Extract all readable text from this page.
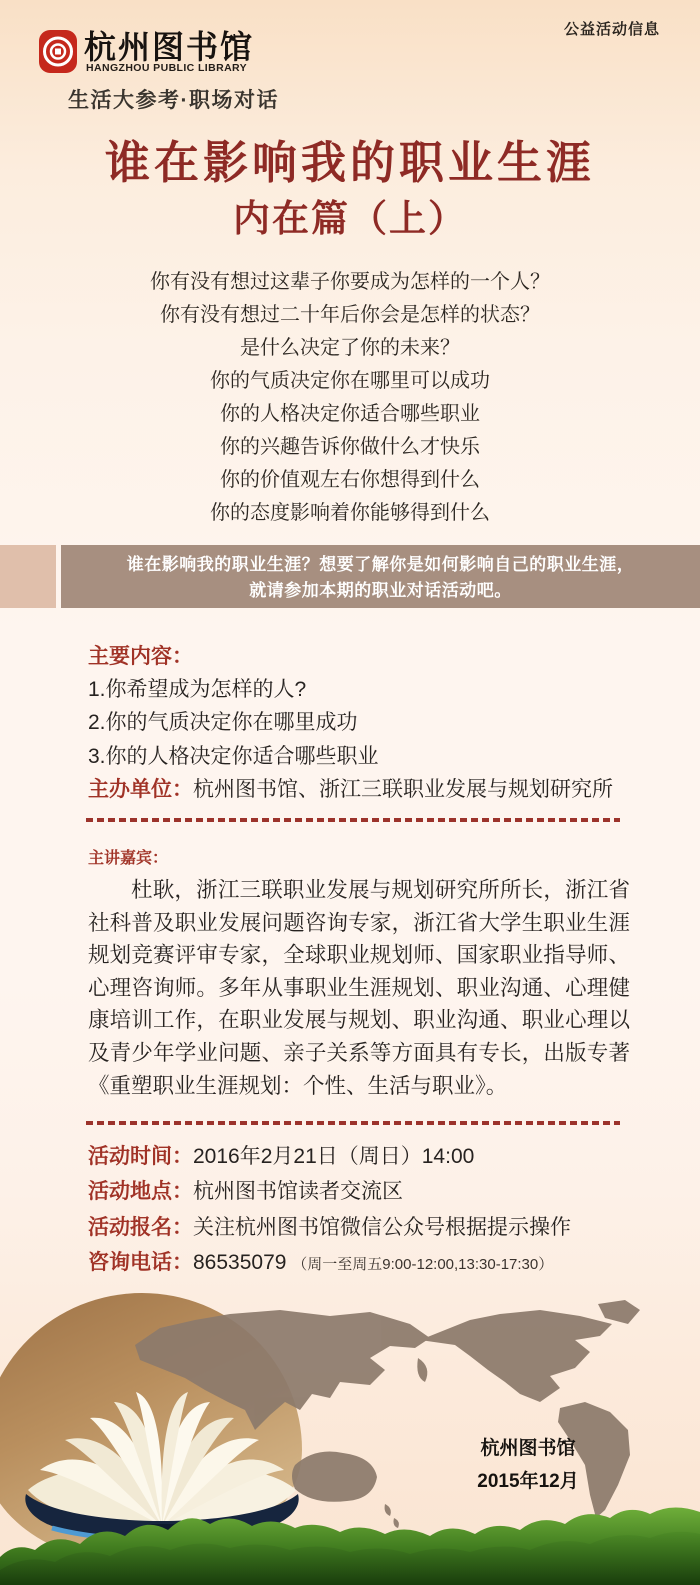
公益活动信息
杭州图书馆
HANGZHOU PUBLIC LIBRARY
生活大参考·职场对话
谁在影响我的职业生涯
内在篇（上）
你有没有想过这辈子你要成为怎样的一个人？
你有没有想过二十年后你会是怎样的状态？
是什么决定了你的未来？
你的气质决定你在哪里可以成功
你的人格决定你适合哪些职业
你的兴趣告诉你做什么才快乐
你的价值观左右你想得到什么
你的态度影响着你能够得到什么
谁在影响我的职业生涯？想要了解你是如何影响自己的职业生涯，
就请参加本期的职业对话活动吧。
主要内容：
1.你希望成为怎样的人?
2.你的气质决定你在哪里成功
3.你的人格决定你适合哪些职业
主办单位：杭州图书馆、浙江三联职业发展与规划研究所
主讲嘉宾：

杜耿，浙江三联职业发展与规划研究所所长，浙江省社科普及职业发展问题咨询专家，浙江省大学生职业生涯规划竞赛评审专家，全球职业规划师、国家职业指导师、心理咨询师。多年从事职业生涯规划、职业沟通、心理健康培训工作，在职业发展与规划、职业沟通、职业心理以及青少年学业问题、亲子关系等方面具有专长，出版专著《重塑职业生涯规划：个性、生活与职业》。

活动时间：2016年2月21日（周日）14:00
活动地点：杭州图书馆读者交流区
活动报名：关注杭州图书馆微信公众号根据提示操作
咨询电话：86535079 （周一至周五9:00-12:00,13:30-17:30）
杭州图书馆
2015年12月
